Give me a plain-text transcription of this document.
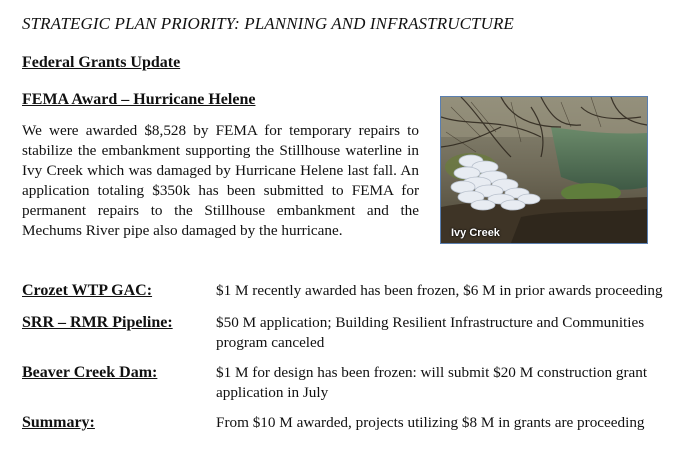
STRATEGIC PLAN PRIORITY: PLANNING AND INFRASTRUCTURE
Federal Grants Update
FEMA Award – Hurricane Helene
We were awarded $8,528 by FEMA for temporary repairs to stabilize the embankment supporting the Stillhouse waterline in Ivy Creek which was damaged by Hurricane Helene last fall. An application totaling $350k has been submitted to FEMA for permanent repairs to the Stillhouse embankment and the Mechums River pipe also damaged by the hurricane.	Ivy Creek
Crozet WTP GAC:	$1 M recently awarded has been frozen, $6 M in prior awards proceeding
SRR – RMR Pipeline:	$50 M application; Building Resilient Infrastructure and Communities program canceled
Beaver Creek Dam:	$1 M for design has been frozen: will submit $20 M construction grant application in July
Summary:	From $10 M awarded, projects utilizing $8 M in grants are proceeding
